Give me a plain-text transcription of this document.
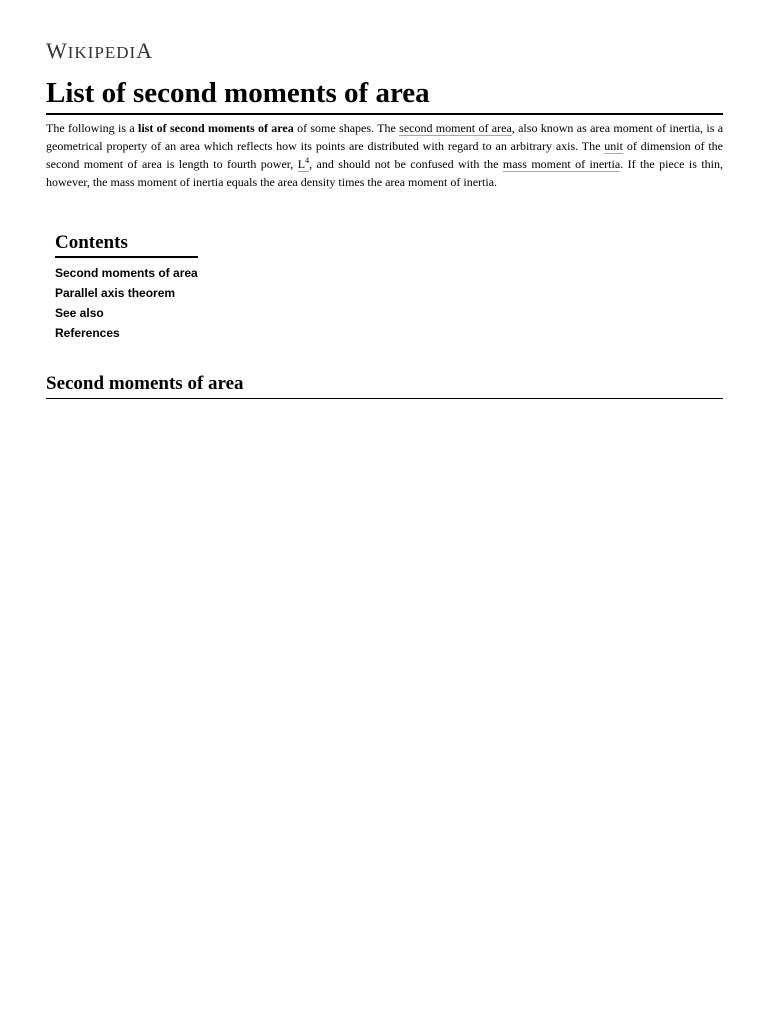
WIKIPEDIA
List of second moments of area

The following is a list of second moments of area of some shapes. The second moment of area, also known as area moment of inertia, is a geometrical property of an area which reflects how its points are distributed with regard to an arbitrary axis. The unit of dimension of the second moment of area is length to fourth power, $L^4$, and should not be confused with the mass moment of inertia. If the piece is thin, however, the mass moment of inertia equals the area density times the area moment of inertia.

Contents
Second moments of area
Parallel axis theorem
See also
References
Second moments of area
